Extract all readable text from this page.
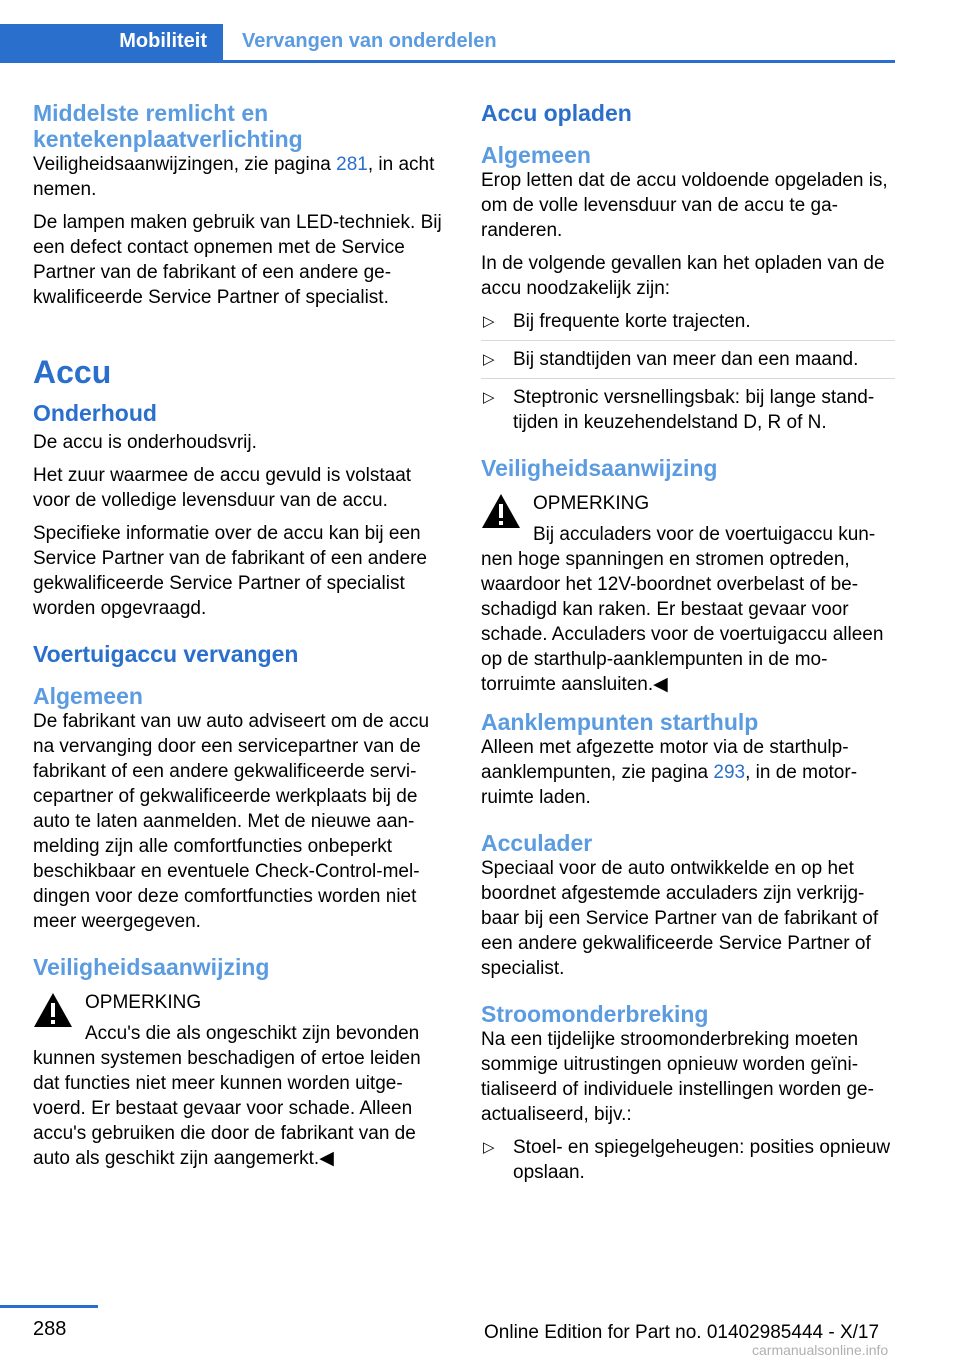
Mobiliteit Vervangen van onderdelen
Middelste remlicht en kentekenplaatverlichting

Veiligheidsaanwijzingen, zie pagina 281, in acht nemen.

De lampen maken gebruik van LED-techniek. Bij een defect contact opnemen met de Service Partner van de fabrikant of een andere gekwalificeerde Service Partner of specialist.

Accu
Onderhoud

De accu is onderhoudsvrij.

Het zuur waarmee de accu gevuld is volstaat voor de volledige levensduur van de accu.

Specifieke informatie over de accu kan bij een Service Partner van de fabrikant of een andere gekwalificeerde Service Partner of specialist worden opgevraagd.

Voertuigaccu vervangen
Algemeen

De fabrikant van uw auto adviseert om de accu na vervanging door een servicepartner van de fabrikant of een andere gekwalificeerde servicepartner of gekwalificeerde werkplaats bij de auto te laten aanmelden. Met de nieuwe aanmelding zijn alle comfortfuncties onbeperkt beschikbaar en eventuele Check-Control-meldingen voor deze comfortfuncties worden niet meer weergegeven.

Veiligheidsaanwijzing

OPMERKING

Accu's die als ongeschikt zijn bevonden kunnen systemen beschadigen of ertoe leiden dat functies niet meer kunnen worden uitgevoerd. Er bestaat gevaar voor schade. Alleen accu's gebruiken die door de fabrikant van de auto als geschikt zijn aangemerkt.◀

Accu opladen
Algemeen

Erop letten dat de accu voldoende opgeladen is, om de volle levensduur van de accu te garanderen.

In de volgende gevallen kan het opladen van de accu noodzakelijk zijn:

▷ Bij frequente korte trajecten.
▷ Bij standtijden van meer dan een maand.
▷ Steptronic versnellingsbak: bij lange standtijden in keuzehendelstand D, R of N.
Veiligheidsaanwijzing

OPMERKING

Bij acculaders voor de voertuigaccu kunnen hoge spanningen en stromen optreden, waardoor het 12V-boordnet overbelast of beschadigd kan raken. Er bestaat gevaar voor schade. Acculaders voor de voertuigaccu alleen op de starthulp-aanklempunten in de motorruimte aansluiten.◀

Aanklempunten starthulp

Alleen met afgezette motor via de starthulp-aanklempunten, zie pagina 293, in de motorruimte laden.

Acculader

Speciaal voor de auto ontwikkelde en op het boordnet afgestemde acculaders zijn verkrijgbaar bij een Service Partner van de fabrikant of een andere gekwalificeerde Service Partner of specialist.

Stroomonderbreking

Na een tijdelijke stroomonderbreking moeten sommige uitrustingen opnieuw worden geïnitialiseerd of individuele instellingen worden geactualiseerd, bijv.:

▷ Stoel- en spiegelgeheugen: posities opnieuw opslaan.
288	Online Edition for Part no. 01402985444 - X/17
carmanualsonline.info
